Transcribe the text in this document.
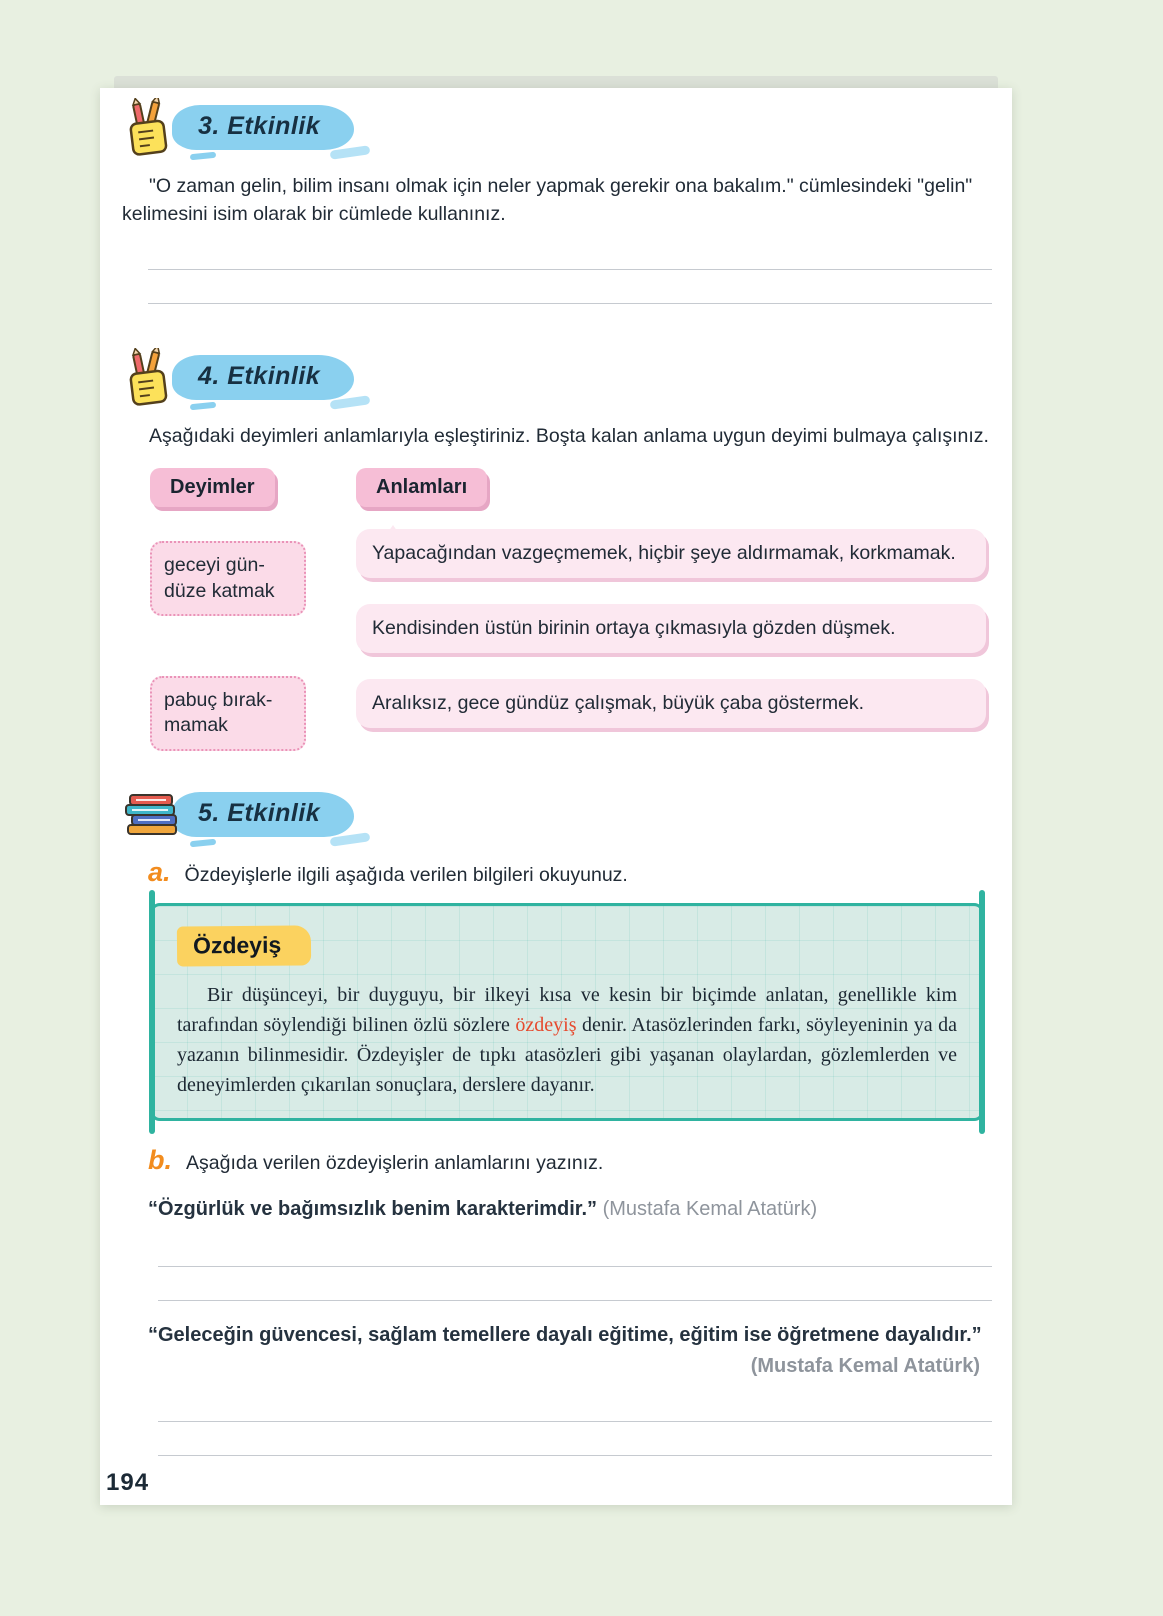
3. Etkinlik

"O zaman gelin, bilim insanı olmak için neler yapmak gerekir ona bakalım." cümlesindeki "gelin" kelimesini isim olarak bir cümlede kullanınız.

4. Etkinlik

Aşağıdaki deyimleri anlamlarıyla eşleştiriniz. Boşta kalan anlama uygun deyimi bulmaya çalışınız.

Deyimler
geceyi gün-
düze katmak
pabuç bırak-
mamak
Anlamları
Yapacağından vazgeçmemek, hiçbir şeye aldırmamak, korkmamak.
Kendisinden üstün birinin ortaya çıkmasıyla gözden düşmek.
Aralıksız, gece gündüz çalışmak, büyük çaba göstermek.
5. Etkinlik
a. Özdeyişlerle ilgili aşağıda verilen bilgileri okuyunuz.
Özdeyiş

Bir düşünceyi, bir duyguyu, bir ilkeyi kısa ve kesin bir biçimde anlatan, genellikle kim tarafından söylendiği bilinen özlü sözlere özdeyiş denir. Atasözlerinden farkı, söyleyeninin ya da yazanın bilinmesidir. Özdeyişler de tıpkı atasözleri gibi yaşanan olaylardan, gözlemlerden ve deneyimlerden çıkarılan sonuçlara, derslere dayanır.

b. Aşağıda verilen özdeyişlerin anlamlarını yazınız.

“Özgürlük ve bağımsızlık benim karakterimdir.” (Mustafa Kemal Atatürk)

“Geleceğin güvencesi, sağlam temellere dayalı eğitime, eğitim ise öğretmene dayalıdır.”

(Mustafa Kemal Atatürk)
194
